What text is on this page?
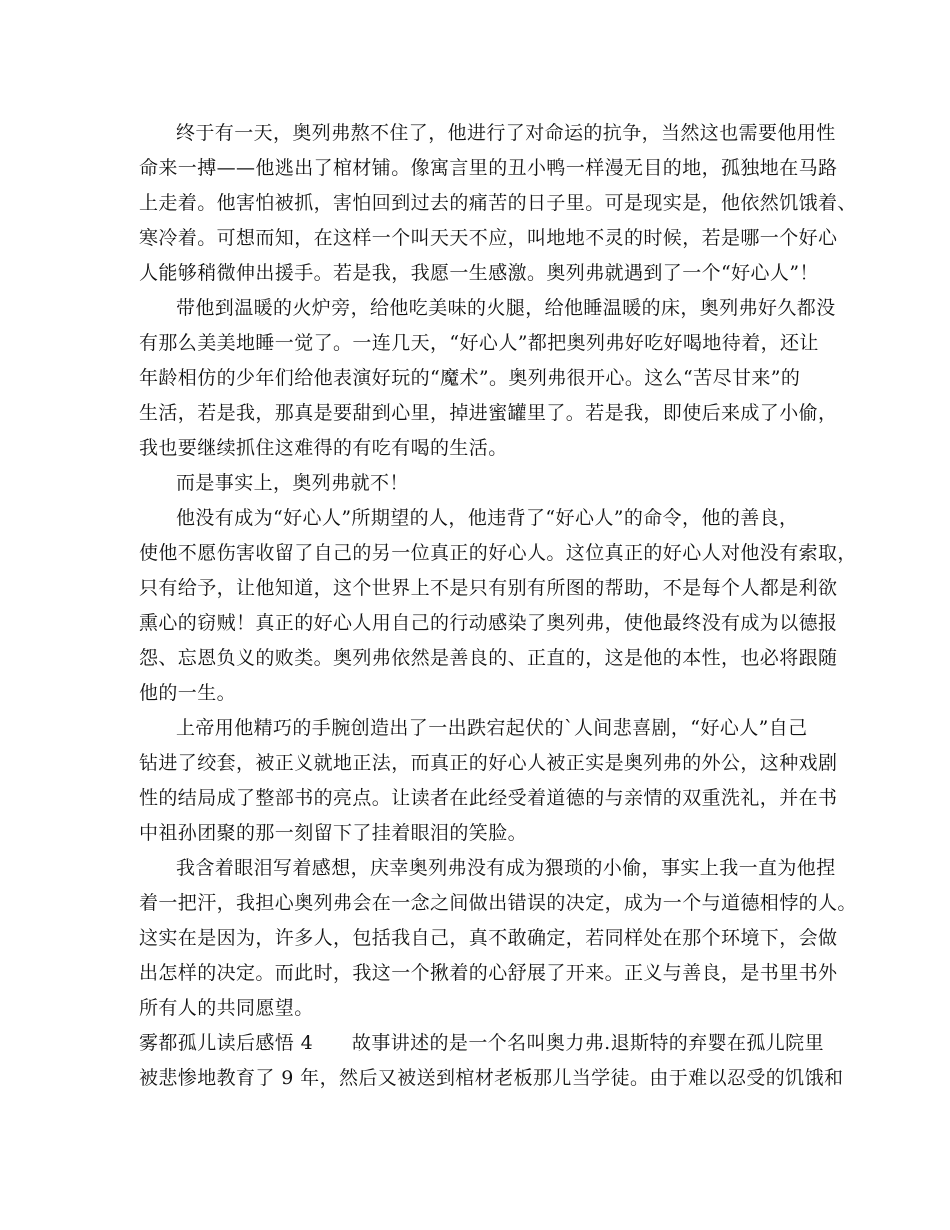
终于有一天，奥列弗熬不住了，他进行了对命运的抗争，当然这也需要他用性
命来一搏——他逃出了棺材铺。像寓言里的丑小鸭一样漫无目的地，孤独地在马路
上走着。他害怕被抓，害怕回到过去的痛苦的日子里。可是现实是，他依然饥饿着、
寒冷着。可想而知，在这样一个叫天天不应，叫地地不灵的时候，若是哪一个好心
人能够稍微伸出援手。若是我，我愿一生感激。奥列弗就遇到了一个“好心人”！
带他到温暖的火炉旁，给他吃美味的火腿，给他睡温暖的床，奥列弗好久都没
有那么美美地睡一觉了。一连几天，“好心人”都把奥列弗好吃好喝地待着，还让
年龄相仿的少年们给他表演好玩的“魔术”。奥列弗很开心。这么“苦尽甘来”的
生活，若是我，那真是要甜到心里，掉进蜜罐里了。若是我，即使后来成了小偷，
我也要继续抓住这难得的有吃有喝的生活。
而是事实上，奥列弗就不！
他没有成为“好心人”所期望的人，他违背了“好心人”的命令，他的善良，
使他不愿伤害收留了自己的另一位真正的好心人。这位真正的好心人对他没有索取，
只有给予，让他知道，这个世界上不是只有别有所图的帮助，不是每个人都是利欲
熏心的窃贼！真正的好心人用自己的行动感染了奥列弗，使他最终没有成为以德报
怨、忘恩负义的败类。奥列弗依然是善良的、正直的，这是他的本性，也必将跟随
他的一生。
上帝用他精巧的手腕创造出了一出跌宕起伏的`人间悲喜剧，“好心人”自己
钻进了绞套，被正义就地正法，而真正的好心人被正实是奥列弗的外公，这种戏剧
性的结局成了整部书的亮点。让读者在此经受着道德的与亲情的双重洗礼，并在书
中祖孙团聚的那一刻留下了挂着眼泪的笑脸。
我含着眼泪写着感想，庆幸奥列弗没有成为猥琐的小偷，事实上我一直为他捏
着一把汗，我担心奥列弗会在一念之间做出错误的决定，成为一个与道德相悖的人。
这实在是因为，许多人，包括我自己，真不敢确定，若同样处在那个环境下，会做
出怎样的决定。而此时，我这一个揪着的心舒展了开来。正义与善良，是书里书外
所有人的共同愿望。
雾都孤儿读后感悟 4　　故事讲述的是一个名叫奥力弗.退斯特的弃婴在孤儿院里
被悲惨地教育了 9 年，然后又被送到棺材老板那儿当学徒。由于难以忍受的饥饿和
